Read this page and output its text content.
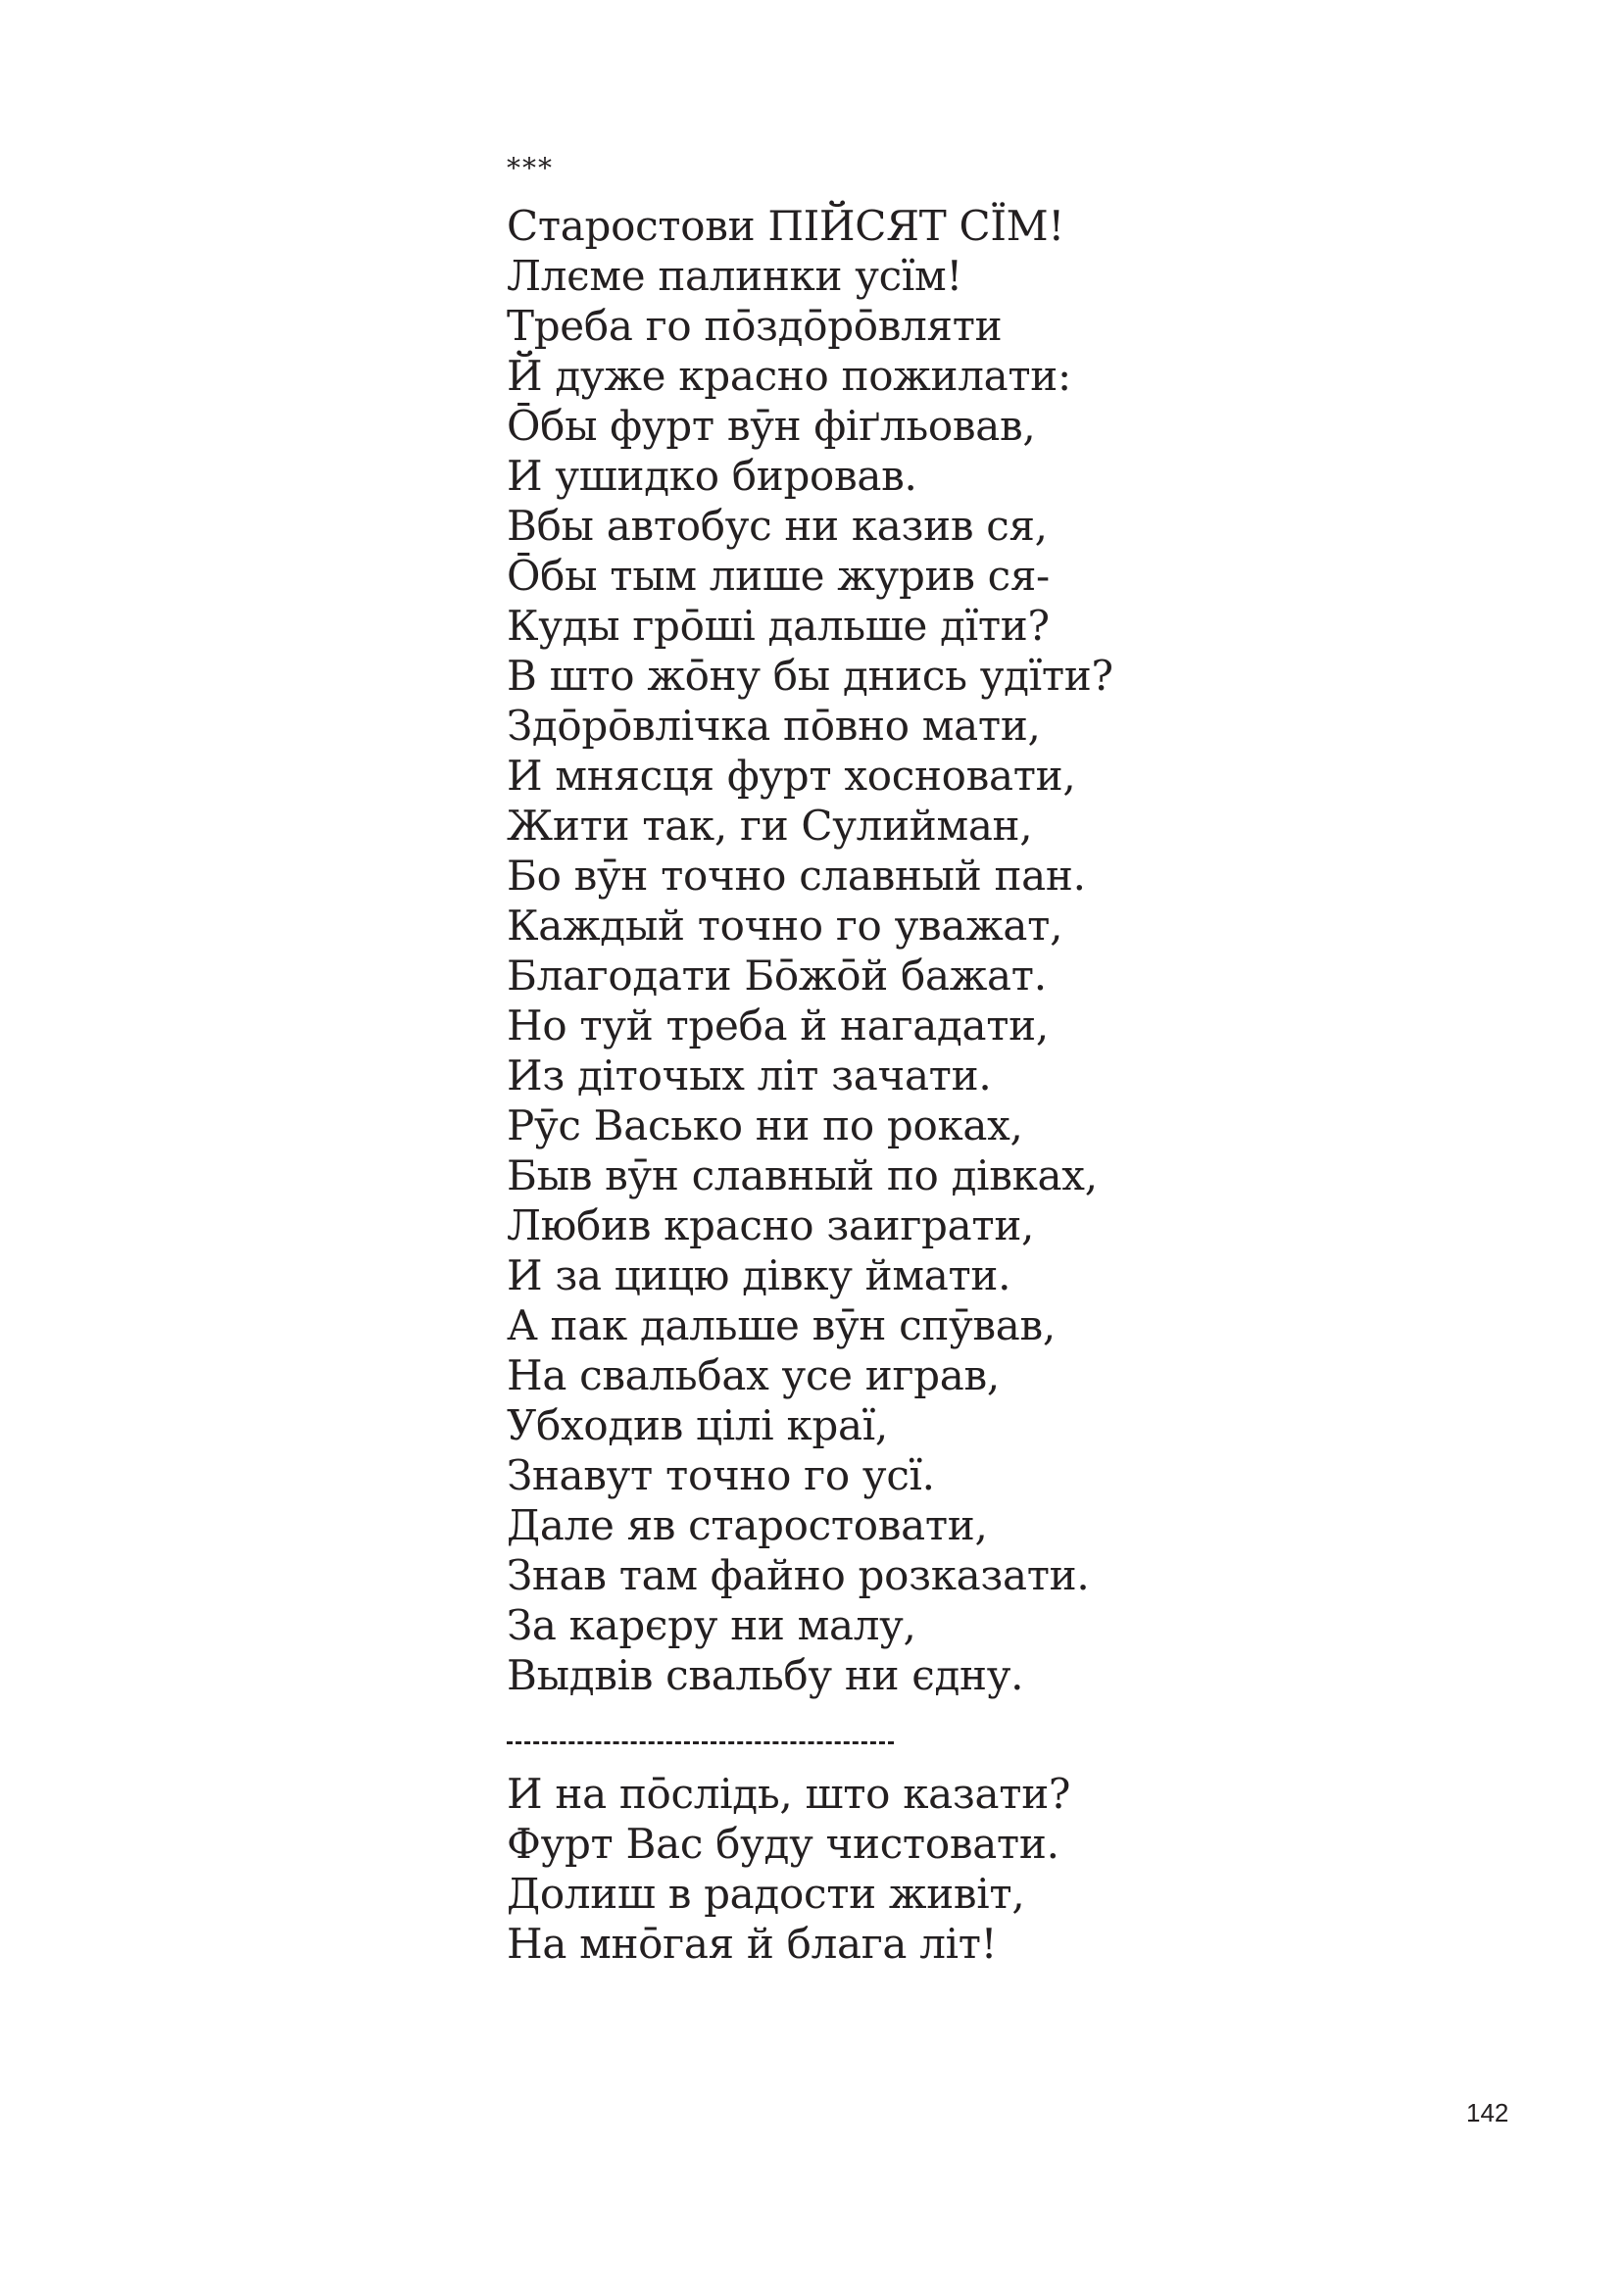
***
Старостови ПІЙСЯТ СЇМ!
Ллєме палинки усїм!
Треба го пōздōрōвляти
Й дуже красно пожилати:
Ōбы фурт вӯн фіґльовав,
И ушидко бировав.
Вбы автобус ни казив ся,
Ōбы тым лише журив ся-
Куды грōші дальше дїти?
В што жōну бы днись удїти?
Здōрōвлічка пōвно мати,
И мнясця фурт хосновати,
Жити так, ги Сулийман,
Бо вӯн точно славный пан.
Каждый точно го уважат,
Благодати Бōжōй бажат.
Но туй треба й нагадати,
Из діточых літ зачати.
Рӯс Васько ни по роках,
Быв вӯн славный по дівках,
Любив красно заиграти,
И за цицю дівку ймати.
А пак дальше вӯн спӯвав,
На свальбах усе играв,
Убходив цілі краї,
Знавут точно го усї.
Дале яв старостовати,
Знав там файно розказати.
За карєру ни малу,
Выдвів свальбу ни єдну.
И на пōслідь, што казати?
Фурт Вас буду чистовати.
Долиш в радости живіт,
На мнōгая й блага літ!
142
